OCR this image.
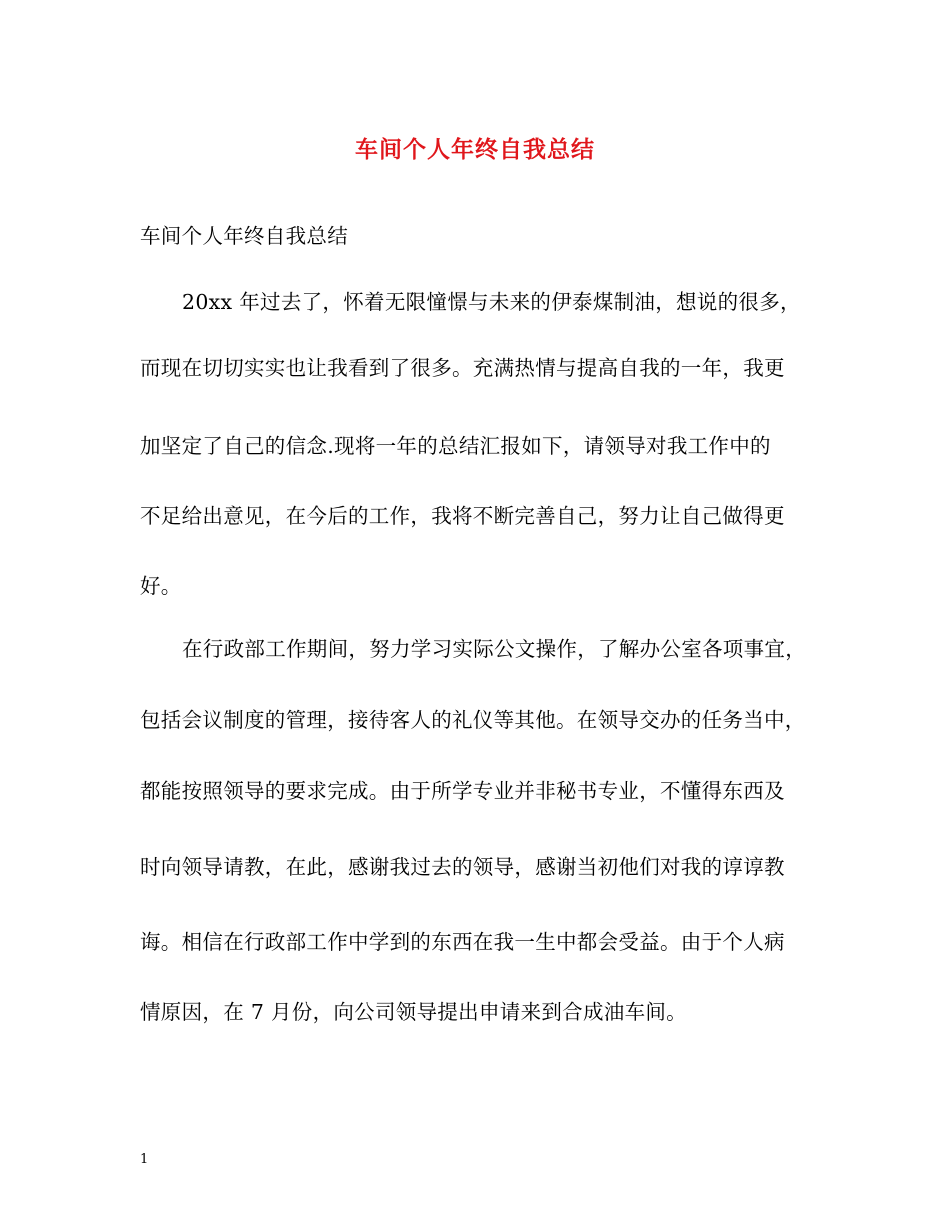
车间个人年终自我总结
车间个人年终自我总结
20xx 年过去了，怀着无限憧憬与未来的伊泰煤制油，想说的很多，
而现在切切实实也让我看到了很多。充满热情与提高自我的一年，我更
加坚定了自己的信念.现将一年的总结汇报如下，请领导对我工作中的
不足给出意见，在今后的工作，我将不断完善自己，努力让自己做得更
好。
在行政部工作期间，努力学习实际公文操作，了解办公室各项事宜，
包括会议制度的管理，接待客人的礼仪等其他。在领导交办的任务当中，
都能按照领导的要求完成。由于所学专业并非秘书专业，不懂得东西及
时向领导请教，在此，感谢我过去的领导，感谢当初他们对我的谆谆教
诲。相信在行政部工作中学到的东西在我一生中都会受益。由于个人病
情原因，在 7 月份，向公司领导提出申请来到合成油车间。
1
